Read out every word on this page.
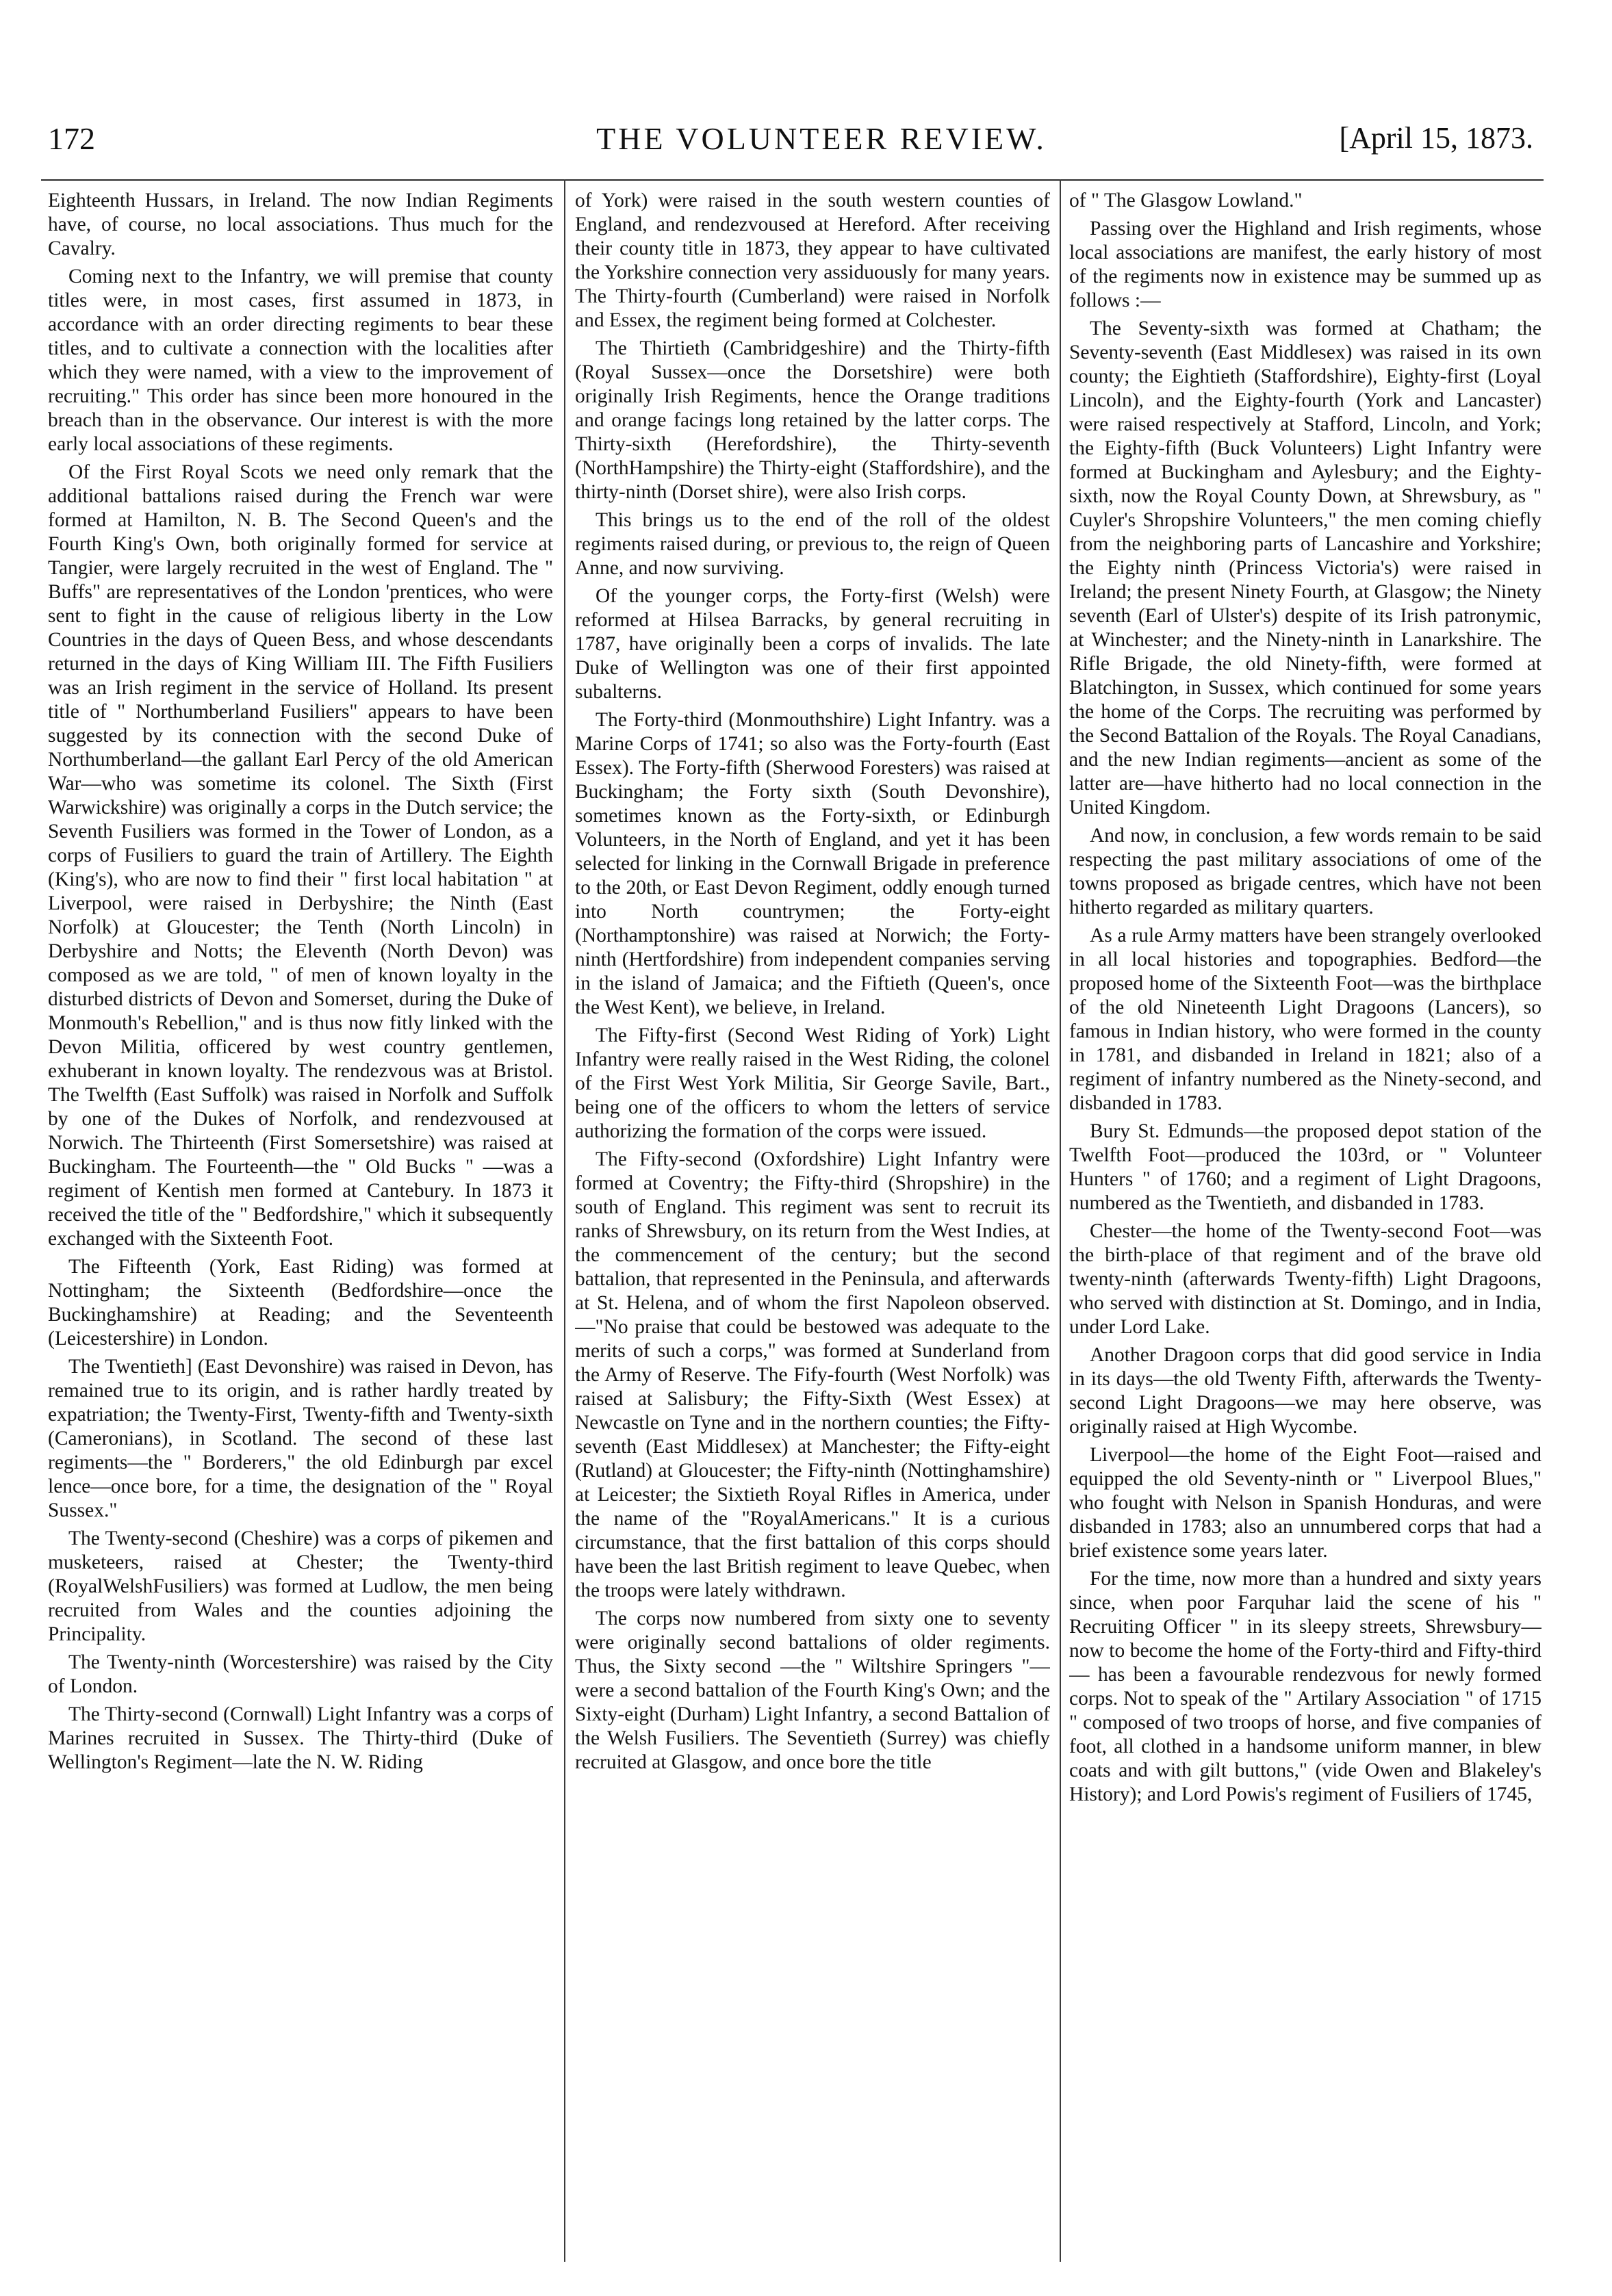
172	THE VOLUNTEER REVIEW.	[April 15, 1873.

Eighteenth Hussars, in Ireland. The now Indian Regiments have, of course, no local associations. Thus much for the Cavalry.

Coming next to the Infantry, we will premise that county titles were, in most cases, first assumed in 1873, in accordance with an order directing regiments to bear these titles, and to cultivate a connection with the localities after which they were named, with a view to the improvement of recruiting." This order has since been more honoured in the breach than in the observance. Our interest is with the more early local associations of these regiments.

Of the First Royal Scots we need only remark that the additional battalions raised during the French war were formed at Hamilton, N. B. The Second Queen's and the Fourth King's Own, both originally formed for service at Tangier, were largely recruited in the west of England. The " Buffs" are representatives of the London 'prentices, who were sent to fight in the cause of religious liberty in the Low Countries in the days of Queen Bess, and whose descendants returned in the days of King William III. The Fifth Fusiliers was an Irish regiment in the service of Holland. Its present title of " Northumberland Fusiliers" appears to have been suggested by its connection with the second Duke of Northumberland—the gallant Earl Percy of the old American War—who was sometime its colonel. The Sixth (First Warwickshire) was originally a corps in the Dutch service; the Seventh Fusiliers was formed in the Tower of London, as a corps of Fusiliers to guard the train of Artillery. The Eighth (King's), who are now to find their " first local habitation " at Liverpool, were raised in Derbyshire; the Ninth (East Norfolk) at Gloucester; the Tenth (North Lincoln) in Derbyshire and Notts; the Eleventh (North Devon) was composed as we are told, " of men of known loyalty in the disturbed districts of Devon and Somerset, during the Duke of Monmouth's Rebellion," and is thus now fitly linked with the Devon Militia, officered by west country gentlemen, exhuberant in known loyalty. The rendezvous was at Bristol. The Twelfth (East Suffolk) was raised in Norfolk and Suffolk by one of the Dukes of Norfolk, and rendezvoused at Norwich. The Thirteenth (First Somersetshire) was raised at Buckingham. The Fourteenth—the " Old Bucks " —was a regiment of Kentish men formed at Cantebury. In 1873 it received the title of the " Bedfordshire," which it subsequently exchanged with the Sixteenth Foot.

The Fifteenth (York, East Riding) was formed at Nottingham; the Sixteenth (Bedfordshire—once the Buckinghamshire) at Reading; and the Seventeenth (Leicestershire) in London.

The Twentieth] (East Devonshire) was raised in Devon, has remained true to its origin, and is rather hardly treated by expatriation; the Twenty-First, Twenty-fifth and Twenty-sixth (Cameronians), in Scotland. The second of these last regiments—the " Borderers," the old Edinburgh par excel lence—once bore, for a time, the designation of the " Royal Sussex."

The Twenty-second (Cheshire) was a corps of pikemen and musketeers, raised at Chester; the Twenty-third (RoyalWelshFusiliers) was formed at Ludlow, the men being recruited from Wales and the counties adjoining the Principality.

The Twenty-ninth (Worcestershire) was raised by the City of London.

The Thirty-second (Cornwall) Light Infantry was a corps of Marines recruited in Sussex. The Thirty-third (Duke of Wellington's Regiment—late the N. W. Riding

of York) were raised in the south western counties of England, and rendezvoused at Hereford. After receiving their county title in 1873, they appear to have cultivated the Yorkshire connection very assiduously for many years. The Thirty-fourth (Cumberland) were raised in Norfolk and Essex, the regiment being formed at Colchester.

The Thirtieth (Cambridgeshire) and the Thirty-fifth (Royal Sussex—once the Dorsetshire) were both originally Irish Regiments, hence the Orange traditions and orange facings long retained by the latter corps. The Thirty-sixth (Herefordshire), the Thirty-seventh (NorthHampshire) the Thirty-eight (Staffordshire), and the thirty-ninth (Dorset shire), were also Irish corps.

This brings us to the end of the roll of the oldest regiments raised during, or previous to, the reign of Queen Anne, and now surviving.

Of the younger corps, the Forty-first (Welsh) were reformed at Hilsea Barracks, by general recruiting in 1787, have originally been a corps of invalids. The late Duke of Wellington was one of their first appointed subalterns.

The Forty-third (Monmouthshire) Light Infantry. was a Marine Corps of 1741; so also was the Forty-fourth (East Essex). The Forty-fifth (Sherwood Foresters) was raised at Buckingham; the Forty sixth (South Devonshire), sometimes known as the Forty-sixth, or Edinburgh Volunteers, in the North of England, and yet it has been selected for linking in the Cornwall Brigade in preference to the 20th, or East Devon Regiment, oddly enough turned into North countrymen; the Forty-eight (Northamptonshire) was raised at Norwich; the Forty-ninth (Hertfordshire) from independent companies serving in the island of Jamaica; and the Fiftieth (Queen's, once the West Kent), we believe, in Ireland.

The Fifty-first (Second West Riding of York) Light Infantry were really raised in the West Riding, the colonel of the First West York Militia, Sir George Savile, Bart., being one of the officers to whom the letters of service authorizing the formation of the corps were issued.

The Fifty-second (Oxfordshire) Light Infantry were formed at Coventry; the Fifty-third (Shropshire) in the south of England. This regiment was sent to recruit its ranks of Shrewsbury, on its return from the West Indies, at the commencement of the century; but the second battalion, that represented in the Peninsula, and afterwards at St. Helena, and of whom the first Napoleon observed.—"No praise that could be bestowed was adequate to the merits of such a corps," was formed at Sunderland from the Army of Reserve. The Fify-fourth (West Norfolk) was raised at Salisbury; the Fifty-Sixth (West Essex) at Newcastle on Tyne and in the northern counties; the Fifty-seventh (East Middlesex) at Manchester; the Fifty-eight (Rutland) at Gloucester; the Fifty-ninth (Nottinghamshire) at Leicester; the Sixtieth Royal Rifles in America, under the name of the "RoyalAmericans." It is a curious circumstance, that the first battalion of this corps should have been the last British regiment to leave Quebec, when the troops were lately withdrawn.

The corps now numbered from sixty one to seventy were originally second battalions of older regiments. Thus, the Sixty second —the " Wiltshire Springers "—were a second battalion of the Fourth King's Own; and the Sixty-eight (Durham) Light Infantry, a second Battalion of the Welsh Fusiliers. The Seventieth (Surrey) was chiefly recruited at Glasgow, and once bore the title

of " The Glasgow Lowland."

Passing over the Highland and Irish regiments, whose local associations are manifest, the early history of most of the regiments now in existence may be summed up as follows :—

The Seventy-sixth was formed at Chatham; the Seventy-seventh (East Middlesex) was raised in its own county; the Eightieth (Staffordshire), Eighty-first (Loyal Lincoln), and the Eighty-fourth (York and Lancaster) were raised respectively at Stafford, Lincoln, and York; the Eighty-fifth (Buck Volunteers) Light Infantry were formed at Buckingham and Aylesbury; and the Eighty-sixth, now the Royal County Down, at Shrewsbury, as " Cuyler's Shropshire Volunteers," the men coming chiefly from the neighboring parts of Lancashire and Yorkshire; the Eighty ninth (Princess Victoria's) were raised in Ireland; the present Ninety Fourth, at Glasgow; the Ninety seventh (Earl of Ulster's) despite of its Irish patronymic, at Winchester; and the Ninety-ninth in Lanarkshire. The Rifle Brigade, the old Ninety-fifth, were formed at Blatchington, in Sussex, which continued for some years the home of the Corps. The recruiting was performed by the Second Battalion of the Royals. The Royal Canadians, and the new Indian regiments—ancient as some of the latter are—have hitherto had no local connection in the United Kingdom.

And now, in conclusion, a few words remain to be said respecting the past military associations of ome of the towns proposed as brigade centres, which have not been hitherto regarded as military quarters.

As a rule Army matters have been strangely overlooked in all local histories and topographies. Bedford—the proposed home of the Sixteenth Foot—was the birthplace of the old Nineteenth Light Dragoons (Lancers), so famous in Indian history, who were formed in the county in 1781, and disbanded in Ireland in 1821; also of a regiment of infantry numbered as the Ninety-second, and disbanded in 1783.

Bury St. Edmunds—the proposed depot station of the Twelfth Foot—produced the 103rd, or " Volunteer Hunters " of 1760; and a regiment of Light Dragoons, numbered as the Twentieth, and disbanded in 1783.

Chester—the home of the Twenty-second Foot—was the birth-place of that regiment and of the brave old twenty-ninth (afterwards Twenty-fifth) Light Dragoons, who served with distinction at St. Domingo, and in India, under Lord Lake.

Another Dragoon corps that did good service in India in its days—the old Twenty Fifth, afterwards the Twenty-second Light Dragoons—we may here observe, was originally raised at High Wycombe.

Liverpool—the home of the Eight Foot—raised and equipped the old Seventy-ninth or " Liverpool Blues," who fought with Nelson in Spanish Honduras, and were disbanded in 1783; also an unnumbered corps that had a brief existence some years later.

For the time, now more than a hundred and sixty years since, when poor Farquhar laid the scene of his " Recruiting Officer " in its sleepy streets, Shrewsbury—now to become the home of the Forty-third and Fifty-third— has been a favourable rendezvous for newly formed corps. Not to speak of the " Artilary Association " of 1715 " composed of two troops of horse, and five companies of foot, all clothed in a handsome uniform manner, in blew coats and with gilt buttons," (vide Owen and Blakeley's History); and Lord Powis's regiment of Fusiliers of 1745,
